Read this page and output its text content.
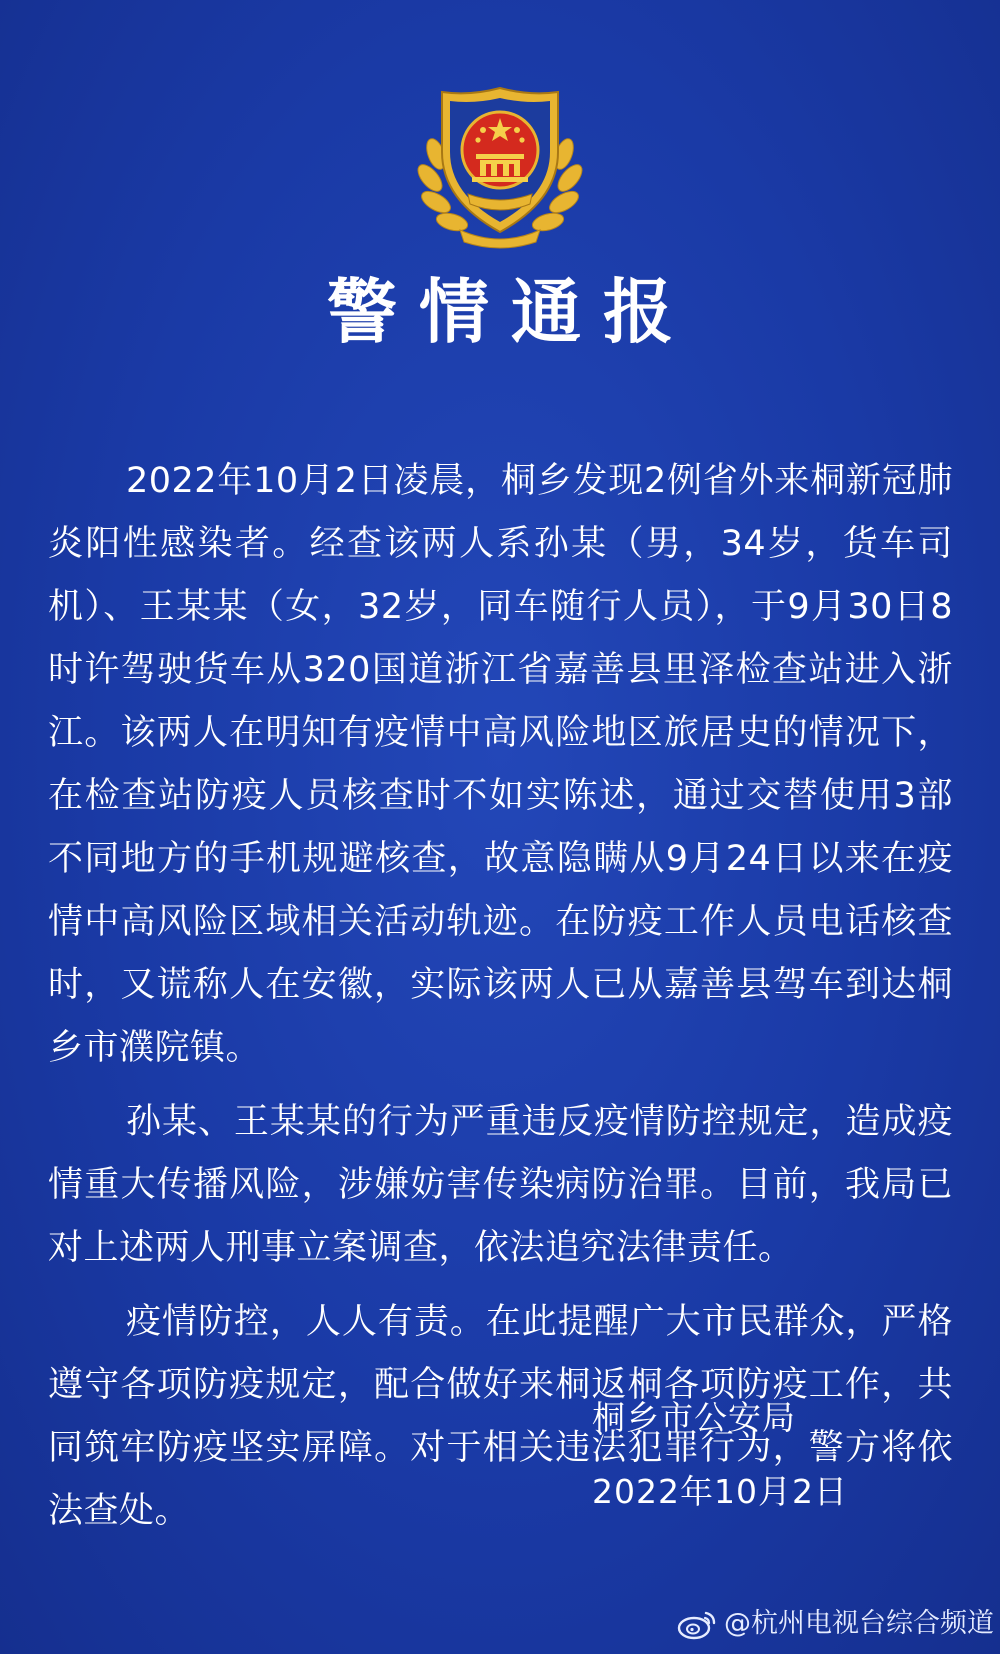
警情通报

2022年10月2日凌晨，桐乡发现2例省外来桐新冠肺炎阳性感染者。经查该两人系孙某（男，34岁，货车司机）、王某某（女，32岁，同车随行人员），于9月30日8时许驾驶货车从320国道浙江省嘉善县里泽检查站进入浙江。该两人在明知有疫情中高风险地区旅居史的情况下，在检查站防疫人员核查时不如实陈述，通过交替使用3部不同地方的手机规避核查，故意隐瞒从9月24日以来在疫情中高风险区域相关活动轨迹。在防疫工作人员电话核查时，又谎称人在安徽，实际该两人已从嘉善县驾车到达桐乡市濮院镇。

孙某、王某某的行为严重违反疫情防控规定，造成疫情重大传播风险，涉嫌妨害传染病防治罪。目前，我局已对上述两人刑事立案调查，依法追究法律责任。

疫情防控，人人有责。在此提醒广大市民群众，严格遵守各项防疫规定，配合做好来桐返桐各项防疫工作，共同筑牢防疫坚实屏障。对于相关违法犯罪行为，警方将依法查处。

桐乡市公安局
2022年10月2日
@杭州电视台综合频道
